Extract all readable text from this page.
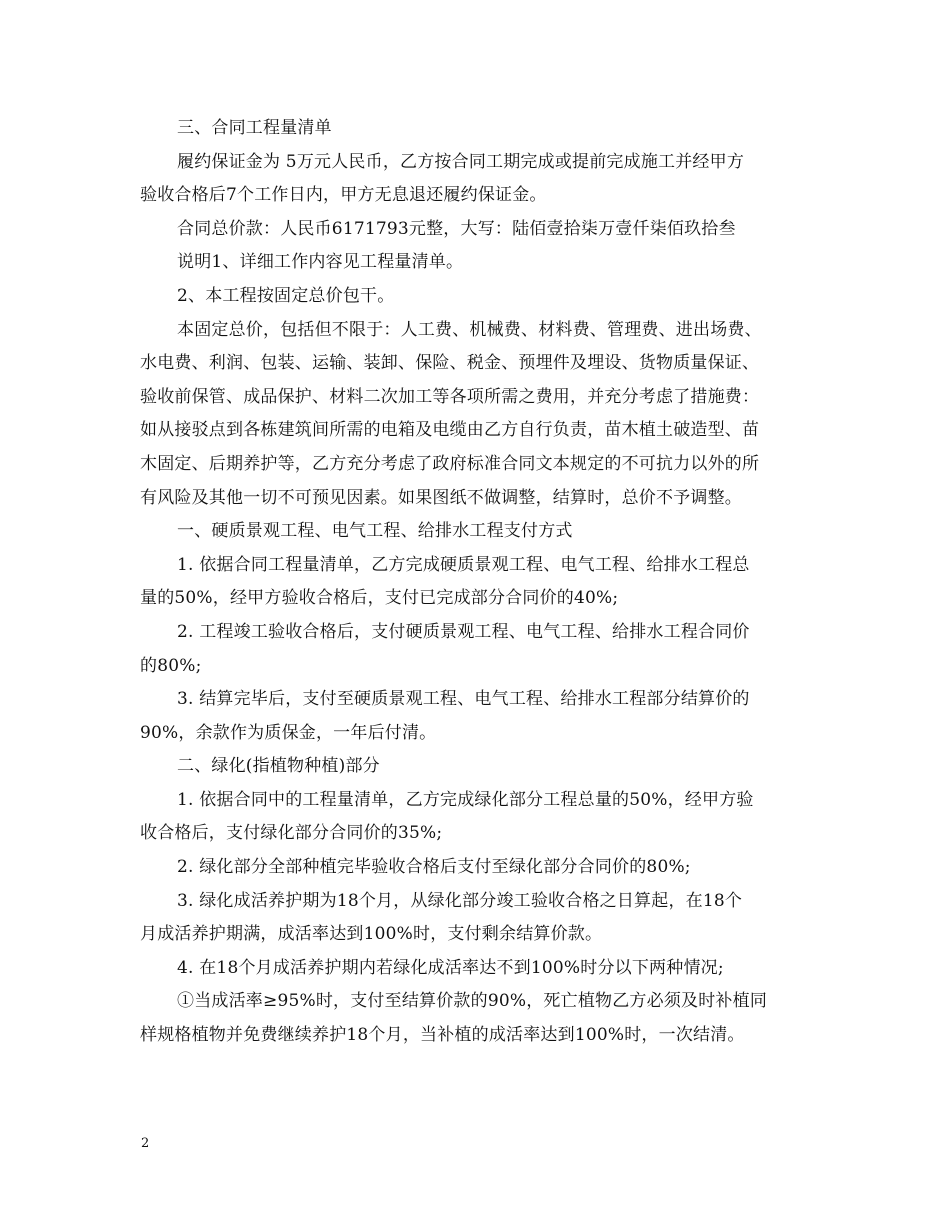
三、合同工程量清单
履约保证金为 5万元人民币，乙方按合同工期完成或提前完成施工并经甲方
验收合格后7个工作日内，甲方无息退还履约保证金。
合同总价款：人民币6171793元整，大写：陆佰壹拾柒万壹仟柒佰玖拾叁
说明1、详细工作内容见工程量清单。
2、本工程按固定总价包干。
本固定总价，包括但不限于：人工费、机械费、材料费、管理费、进出场费、
水电费、利润、包装、运输、装卸、保险、税金、预埋件及埋设、货物质量保证、
验收前保管、成品保护、材料二次加工等各项所需之费用，并充分考虑了措施费：
如从接驳点到各栋建筑间所需的电箱及电缆由乙方自行负责，苗木植土破造型、苗
木固定、后期养护等，乙方充分考虑了政府标准合同文本规定的不可抗力以外的所
有风险及其他一切不可预见因素。如果图纸不做调整，结算时，总价不予调整。
一、硬质景观工程、电气工程、给排水工程支付方式
1. 依据合同工程量清单，乙方完成硬质景观工程、电气工程、给排水工程总
量的50%，经甲方验收合格后，支付已完成部分合同价的40%;
2. 工程竣工验收合格后，支付硬质景观工程、电气工程、给排水工程合同价
的80%;
3. 结算完毕后，支付至硬质景观工程、电气工程、给排水工程部分结算价的
90%，余款作为质保金，一年后付清。
二、绿化(指植物种植)部分
1. 依据合同中的工程量清单，乙方完成绿化部分工程总量的50%，经甲方验
收合格后，支付绿化部分合同价的35%;
2. 绿化部分全部种植完毕验收合格后支付至绿化部分合同价的80%;
3. 绿化成活养护期为18个月，从绿化部分竣工验收合格之日算起，在18个
月成活养护期满，成活率达到100%时，支付剩余结算价款。
4. 在18个月成活养护期内若绿化成活率达不到100%时分以下两种情况;
①当成活率≥95%时，支付至结算价款的90%，死亡植物乙方必须及时补植同
样规格植物并免费继续养护18个月，当补植的成活率达到100%时，一次结清。
2
